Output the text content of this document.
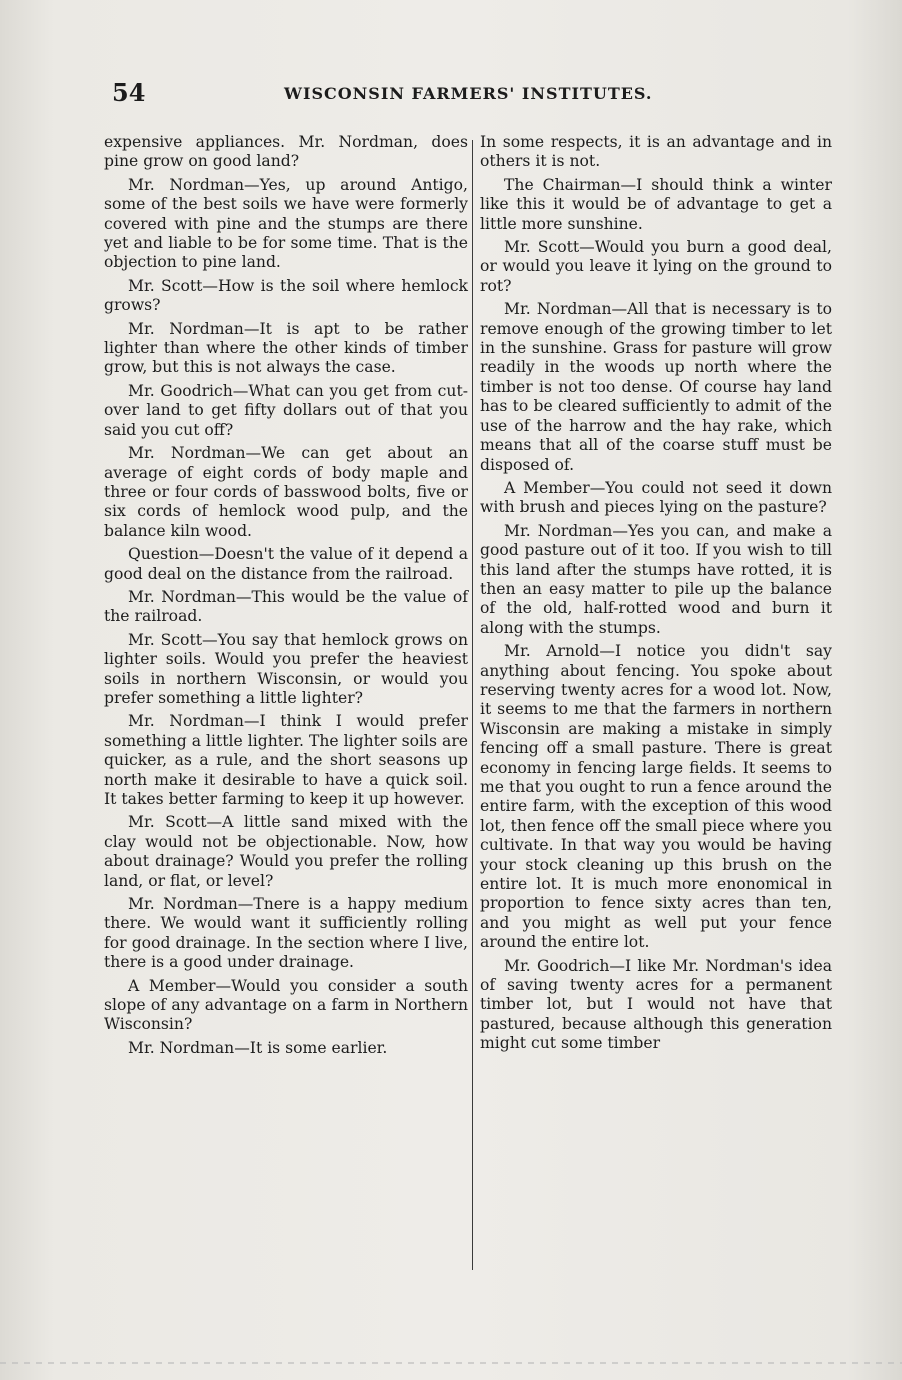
54	WISCONSIN FARMERS' INSTITUTES.

expensive appliances. Mr. Nordman, does pine grow on good land?

Mr. Nordman—Yes, up around Antigo, some of the best soils we have were formerly covered with pine and the stumps are there yet and liable to be for some time. That is the objection to pine land.

Mr. Scott—How is the soil where hemlock grows?

Mr. Nordman—It is apt to be rather lighter than where the other kinds of timber grow, but this is not always the case.

Mr. Goodrich—What can you get from cut-over land to get fifty dollars out of that you said you cut off?

Mr. Nordman—We can get about an average of eight cords of body maple and three or four cords of basswood bolts, five or six cords of hemlock wood pulp, and the balance kiln wood.

Question—Doesn't the value of it depend a good deal on the distance from the railroad.

Mr. Nordman—This would be the value of the railroad.

Mr. Scott—You say that hemlock grows on lighter soils. Would you prefer the heaviest soils in northern Wisconsin, or would you prefer something a little lighter?

Mr. Nordman—I think I would prefer something a little lighter. The lighter soils are quicker, as a rule, and the short seasons up north make it desirable to have a quick soil. It takes better farming to keep it up however.

Mr. Scott—A little sand mixed with the clay would not be objectionable. Now, how about drainage? Would you prefer the rolling land, or flat, or level?

Mr. Nordman—Tnere is a happy medium there. We would want it sufficiently rolling for good drainage. In the section where I live, there is a good under drainage.

A Member—Would you consider a south slope of any advantage on a farm in Northern Wisconsin?

Mr. Nordman—It is some earlier.

In some respects, it is an advantage and in others it is not.

The Chairman—I should think a winter like this it would be of advantage to get a little more sunshine.

Mr. Scott—Would you burn a good deal, or would you leave it lying on the ground to rot?

Mr. Nordman—All that is necessary is to remove enough of the growing timber to let in the sunshine. Grass for pasture will grow readily in the woods up north where the timber is not too dense. Of course hay land has to be cleared sufficiently to admit of the use of the harrow and the hay rake, which means that all of the coarse stuff must be disposed of.

A Member—You could not seed it down with brush and pieces lying on the pasture?

Mr. Nordman—Yes you can, and make a good pasture out of it too. If you wish to till this land after the stumps have rotted, it is then an easy matter to pile up the balance of the old, half-rotted wood and burn it along with the stumps.

Mr. Arnold—I notice you didn't say anything about fencing. You spoke about reserving twenty acres for a wood lot. Now, it seems to me that the farmers in northern Wisconsin are making a mistake in simply fencing off a small pasture. There is great economy in fencing large fields. It seems to me that you ought to run a fence around the entire farm, with the exception of this wood lot, then fence off the small piece where you cultivate. In that way you would be having your stock cleaning up this brush on the entire lot. It is much more enonomical in proportion to fence sixty acres than ten, and you might as well put your fence around the entire lot.

Mr. Goodrich—I like Mr. Nordman's idea of saving twenty acres for a permanent timber lot, but I would not have that pastured, because although this generation might cut some timber
